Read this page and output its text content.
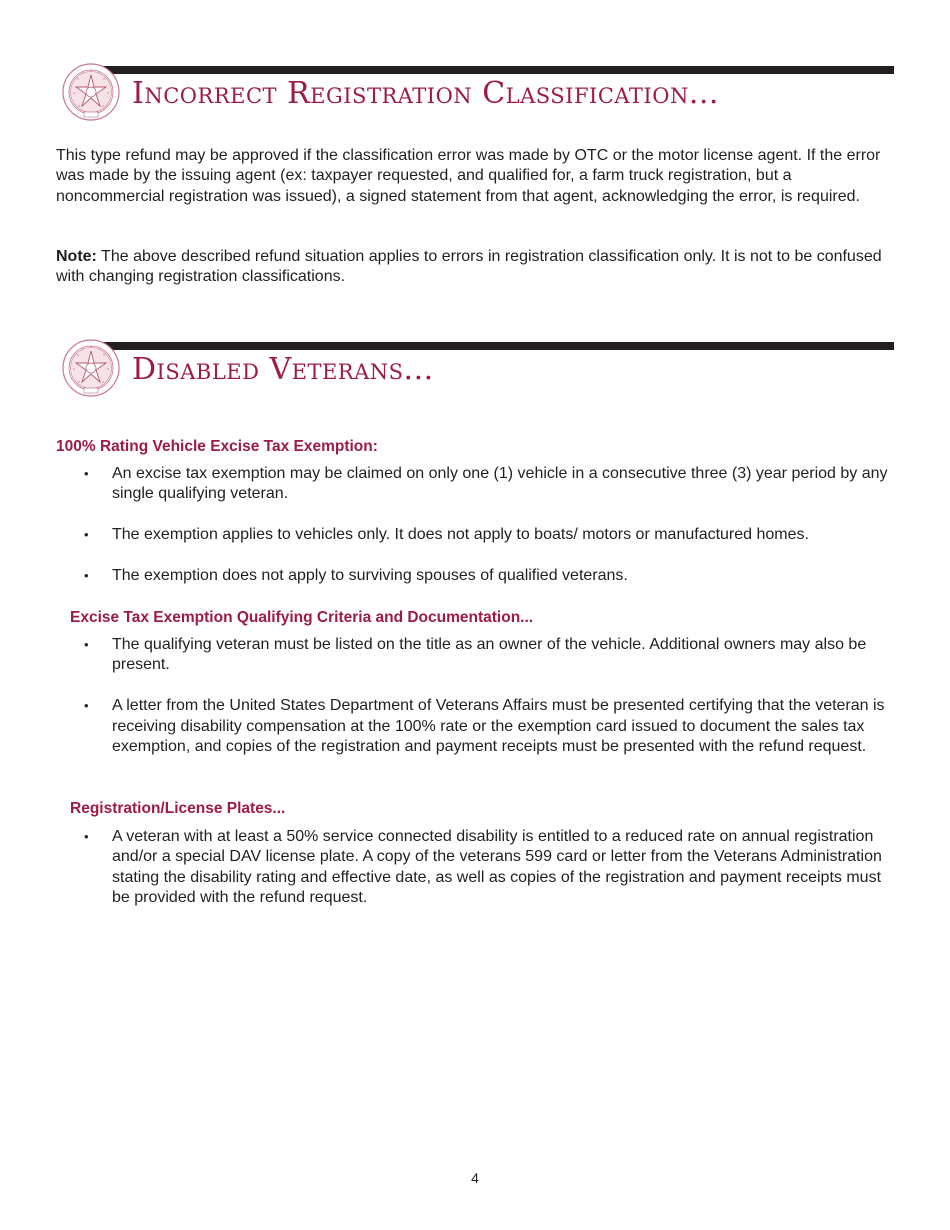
Incorrect Registration Classification...

This type refund may be approved if the classification error was made by OTC or the motor license agent. If the error was made by the issuing agent (ex: taxpayer requested, and qualified for, a farm truck registration, but a noncommercial registration was issued), a signed statement from that agent, acknowledging the error, is required.

Note: The above described refund situation applies to errors in registration classification only. It is not to be confused with changing registration classifications.

Disabled Veterans...
100% Rating Vehicle Excise Tax Exemption:
• An excise tax exemption may be claimed on only one (1) vehicle in a consecutive three (3) year period by any single qualifying veteran.
• The exemption applies to vehicles only. It does not apply to boats/ motors or manufactured homes.
• The exemption does not apply to surviving spouses of qualified veterans.
Excise Tax Exemption Qualifying Criteria and Documentation...
• The qualifying veteran must be listed on the title as an owner of the vehicle. Additional owners may also be present.
• A letter from the United States Department of Veterans Affairs must be presented certifying that the veteran is receiving disability compensation at the 100% rate or the exemption card issued to document the sales tax exemption, and copies of the registration and payment receipts must be presented with the refund request.
Registration/License Plates...
• A veteran with at least a 50% service connected disability is entitled to a reduced rate on annual registration and/or a special DAV license plate. A copy of the veterans 599 card or letter from the Veterans Administration stating the disability rating and effective date, as well as copies of the registration and payment receipts must be provided with the refund request.
4
